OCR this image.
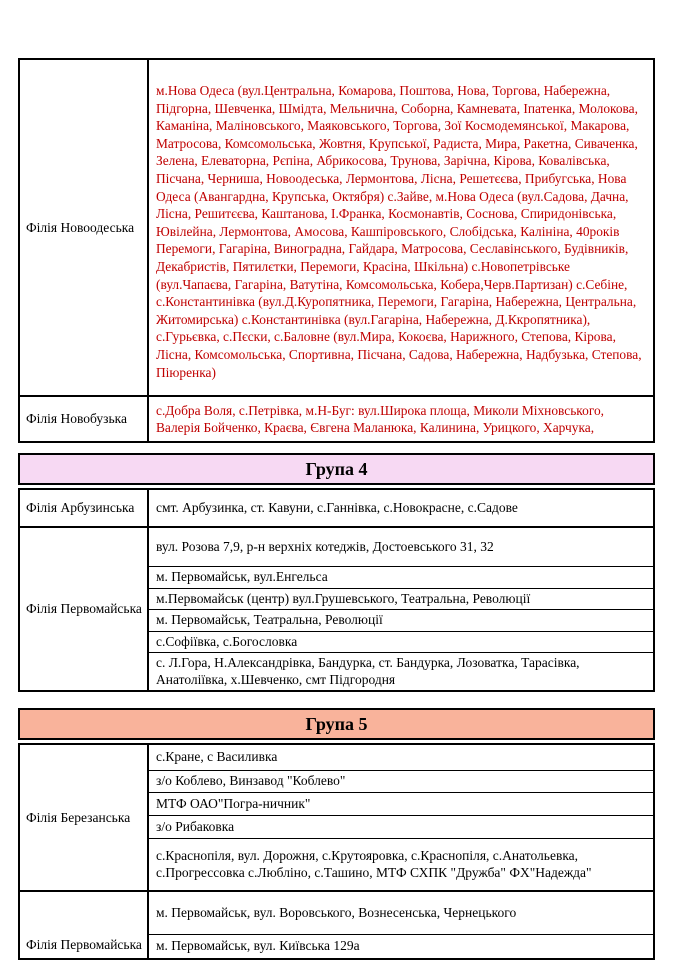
Філія Новоодеська
м.Нова Одеса (вул.Центральна, Комарова, Поштова, Нова, Торгова, Набережна, Підгорна, Шевченка, Шмідта, Мельнична, Соборна, Камневата, Іпатенка, Молокова, Каманіна, Маліновського, Маяковського, Торгова, Зої Космодемянської, Макарова, Матросова, Комсомольська, Жовтня, Крупської, Радиста, Мира, Ракетна, Сиваченка, Зелена, Елеваторна, Рєпіна, Абрикосова, Трунова, Зарічна, Кірова, Ковалівська, Пісчана, Черниша, Новоодеська, Лермонтова, Лісна, Решетєєва, Прибугська, Нова Одеса (Авангардна, Крупська, Октября) с.Зайве, м.Нова Одеса (вул.Садова, Дачна, Лісна, Решитєєва, Каштанова, І.Франка, Космонавтів, Соснова, Спиридонівська, Ювілейна, Лермонтова, Амосова, Кашпіровського, Слобідська, Калініна, 40років Перемоги, Гагаріна, Виноградна, Гайдара, Матросова, Сеславінського, Будівників, Декабристів, Пятилєтки, Перемоги, Красіна, Шкільна) с.Новопетрівське (вул.Чапаєва, Гагаріна, Ватутіна, Комсомольська, Кобера,Черв.Партизан) с.Себіне, с.Константинівка (вул.Д.Куропятника, Перемоги, Гагаріна, Набережна, Центральна, Житомирська) с.Константинівка (вул.Гагаріна, Набережна, Д.Ккропятника), с.Гурьєвка, с.Пєски, с.Баловне (вул.Мира, Кокоєва, Нарижного, Степова, Кірова, Лісна, Комсомольська, Спортивна, Пісчана, Садова, Набережна, Надбузька, Степова, Піюренка)
Філія Новобузька
с.Добра Воля, с.Петрівка, м.Н-Буг: вул.Широка площа, Миколи Міхновського, Валерія Бойченко, Краєва, Євгена Маланюка, Калинина, Урицкого, Харчука,
Група 4
Філія Арбузинська	смт. Арбузинка, ст. Кавуни, с.Ганнівка, с.Новокрасне, с.Садове
Філія Первомайська
вул. Розова 7,9, р-н верхніх котеджів, Достоевського 31, 32
м. Первомайськ, вул.Енгельса
м.Первомайськ (центр) вул.Грушевського, Театральна, Революції
м. Первомайськ, Театральна, Революції
с.Софіївка, с.Богословка
с. Л.Гора, Н.Александрівка, Бандурка, ст. Бандурка, Лозоватка, Тарасівка, Анатоліївка, х.Шевченко, смт Підгородня
Група 5
Філія Березанська
с.Кране, с Василивка
з/о Коблево, Винзавод "Коблево"
МТФ ОАО"Погра-ничник"
з/о Рибаковка
с.Краснопіля, вул. Дорожня, с.Крутояровка, с.Краснопіля, с.Анатольевка, с.Прогрессовка с.Любліно, с.Ташино, МТФ СХПК "Дружба" ФХ"Надежда"
Філія Первомайська
м. Первомайськ, вул. Воровського, Вознесенська, Чернецького
м. Первомайськ, вул. Київська 129а
